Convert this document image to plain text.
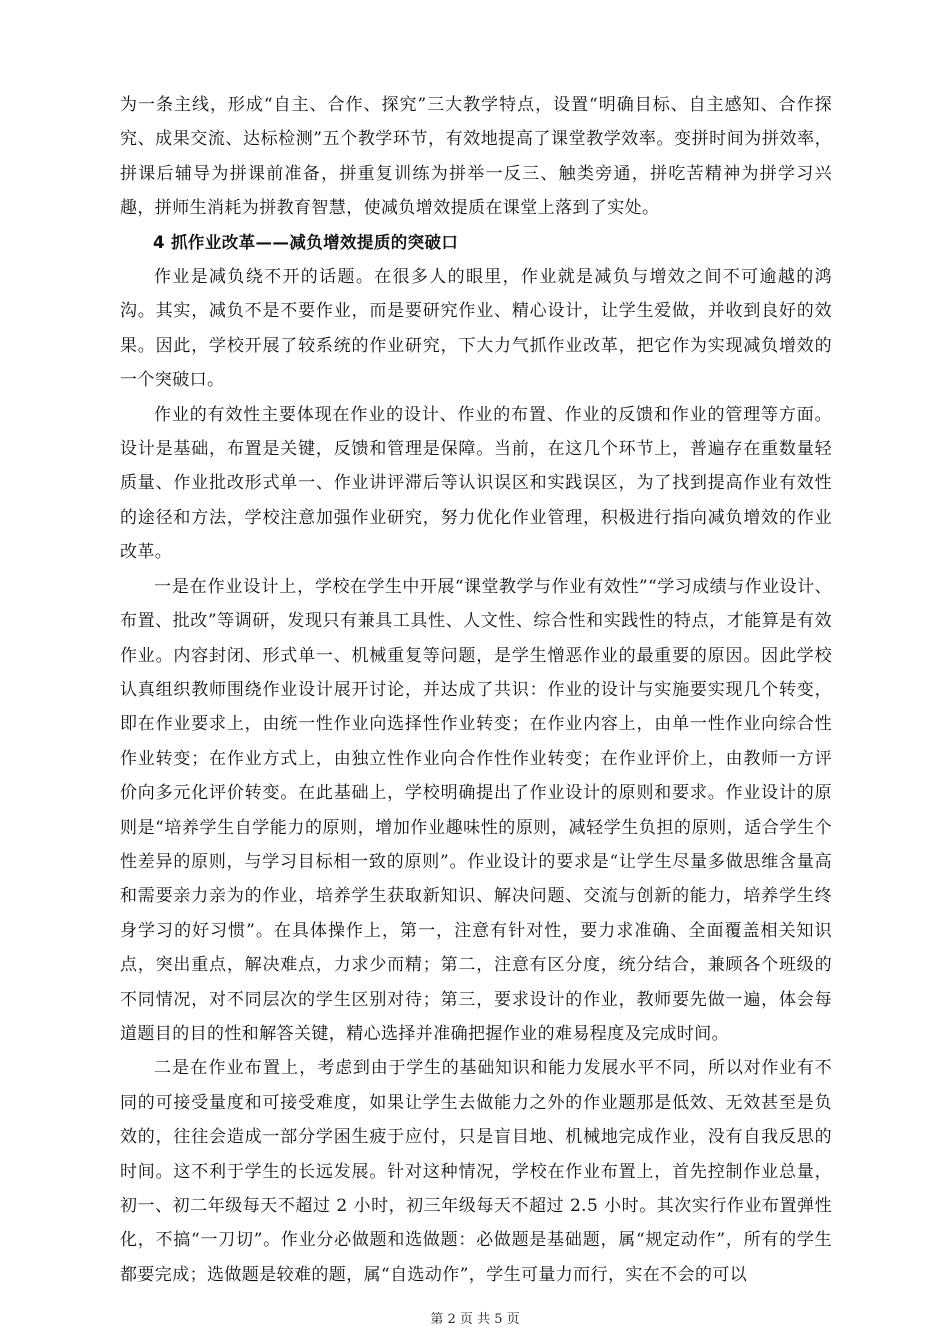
为一条主线，形成“自主、合作、探究”三大教学特点，设置“明确目标、自主感知、合作探究、成果交流、达标检测”五个教学环节，有效地提高了课堂教学效率。变拼时间为拼效率，拼课后辅导为拼课前准备，拼重复训练为拼举一反三、触类旁通，拼吃苦精神为拼学习兴趣，拼师生消耗为拼教育智慧，使减负增效提质在课堂上落到了实处。

4 抓作业改革——减负增效提质的突破口

作业是减负绕不开的话题。在很多人的眼里，作业就是减负与增效之间不可逾越的鸿沟。其实，减负不是不要作业，而是要研究作业、精心设计，让学生爱做，并收到良好的效果。因此，学校开展了较系统的作业研究，下大力气抓作业改革，把它作为实现减负增效的一个突破口。

作业的有效性主要体现在作业的设计、作业的布置、作业的反馈和作业的管理等方面。设计是基础，布置是关键，反馈和管理是保障。当前，在这几个环节上，普遍存在重数量轻质量、作业批改形式单一、作业讲评滞后等认识误区和实践误区，为了找到提高作业有效性的途径和方法，学校注意加强作业研究，努力优化作业管理，积极进行指向减负增效的作业改革。

一是在作业设计上，学校在学生中开展“课堂教学与作业有效性”“学习成绩与作业设计、布置、批改”等调研，发现只有兼具工具性、人文性、综合性和实践性的特点，才能算是有效作业。内容封闭、形式单一、机械重复等问题，是学生憎恶作业的最重要的原因。因此学校认真组织教师围绕作业设计展开讨论，并达成了共识：作业的设计与实施要实现几个转变，即在作业要求上，由统一性作业向选择性作业转变；在作业内容上，由单一性作业向综合性作业转变；在作业方式上，由独立性作业向合作性作业转变；在作业评价上，由教师一方评价向多元化评价转变。在此基础上，学校明确提出了作业设计的原则和要求。作业设计的原则是“培养学生自学能力的原则，增加作业趣味性的原则，减轻学生负担的原则，适合学生个性差异的原则，与学习目标相一致的原则”。作业设计的要求是“让学生尽量多做思维含量高和需要亲力亲为的作业，培养学生获取新知识、解决问题、交流与创新的能力，培养学生终身学习的好习惯”。在具体操作上，第一，注意有针对性，要力求准确、全面覆盖相关知识点，突出重点，解决难点，力求少而精；第二，注意有区分度，统分结合，兼顾各个班级的不同情况，对不同层次的学生区别对待；第三，要求设计的作业，教师要先做一遍，体会每道题目的目的性和解答关键，精心选择并准确把握作业的难易程度及完成时间。

二是在作业布置上，考虑到由于学生的基础知识和能力发展水平不同，所以对作业有不同的可接受量度和可接受难度，如果让学生去做能力之外的作业题那是低效、无效甚至是负效的，往往会造成一部分学困生疲于应付，只是盲目地、机械地完成作业，没有自我反思的时间。这不利于学生的长远发展。针对这种情况，学校在作业布置上，首先控制作业总量，初一、初二年级每天不超过 2 小时，初三年级每天不超过 2.5 小时。其次实行作业布置弹性化，不搞“一刀切”。作业分必做题和选做题：必做题是基础题，属“规定动作”，所有的学生都要完成；选做题是较难的题，属“自选动作”，学生可量力而行，实在不会的可以

第 2 页 共 5 页
